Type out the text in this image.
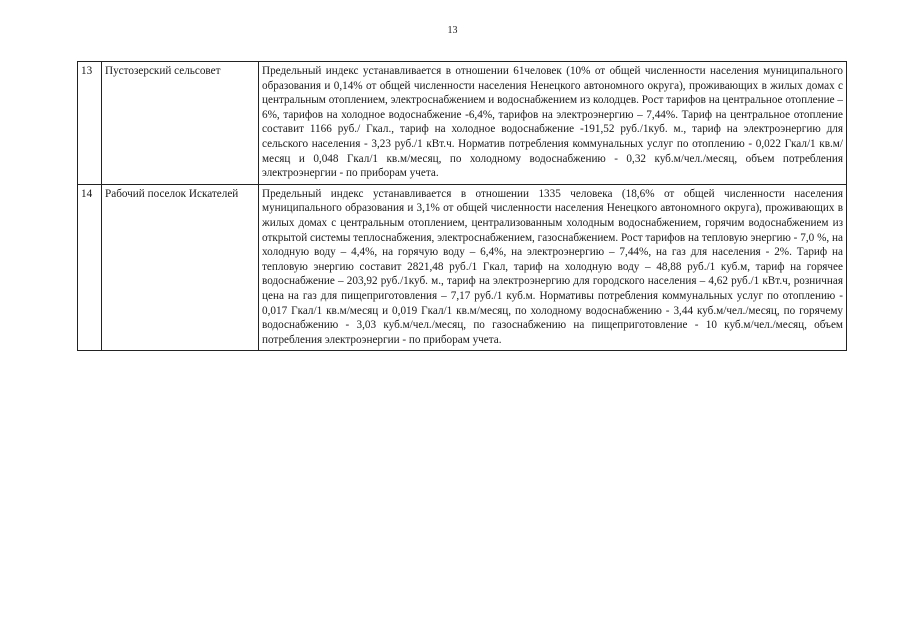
13
13	Пустозерский сельсовет	Предельный индекс устанавливается в отношении 61человек (10% от общей численности населения муниципального образования и 0,14% от общей численности населения Ненецкого автономного округа), проживающих в жилых домах с центральным отоплением, электроснабжением и водоснабжением из колодцев. Рост тарифов на центральное отопление – 6%, тарифов на холодное водоснабжение -6,4%, тарифов на электроэнергию – 7,44%. Тариф на центральное отопление составит 1166 руб./ Гкал., тариф на холодное водоснабжение -191,52 руб./1куб. м., тариф на электроэнергию для сельского населения - 3,23 руб./1 кВт.ч. Норматив потребления коммунальных услуг по отоплению - 0,022 Гкал/1 кв.м/месяц и 0,048 Гкал/1 кв.м/месяц, по холодному водоснабжению - 0,32 куб.м/чел./месяц, объем потребления электроэнергии - по приборам учета.
14	Рабочий поселок Искателей	Предельный индекс устанавливается в отношении 1335 человека (18,6% от общей численности населения муниципального образования и 3,1% от общей численности населения Ненецкого автономного округа), проживающих в жилых домах с центральным отоплением, централизованным холодным водоснабжением, горячим водоснабжением из открытой системы теплоснабжения, электроснабжением, газоснабжением. Рост тарифов на тепловую энергию - 7,0 %, на холодную воду – 4,4%, на горячую воду – 6,4%, на электроэнергию – 7,44%, на газ для населения - 2%. Тариф на тепловую энергию составит 2821,48 руб./1 Гкал, тариф на холодную воду – 48,88 руб./1 куб.м, тариф на горячее водоснабжение – 203,92 руб./1куб. м., тариф на электроэнергию для городского населения – 4,62 руб./1 кВт.ч, розничная цена на газ для пищеприготовления – 7,17 руб./1 куб.м. Нормативы потребления коммунальных услуг по отоплению - 0,017 Гкал/1 кв.м/месяц и 0,019 Гкал/1 кв.м/месяц, по холодному водоснабжению - 3,44 куб.м/чел./месяц, по горячему водоснабжению - 3,03 куб.м/чел./месяц, по газоснабжению на пищеприготовление - 10 куб.м/чел./месяц, объем потребления электроэнергии - по приборам учета.
